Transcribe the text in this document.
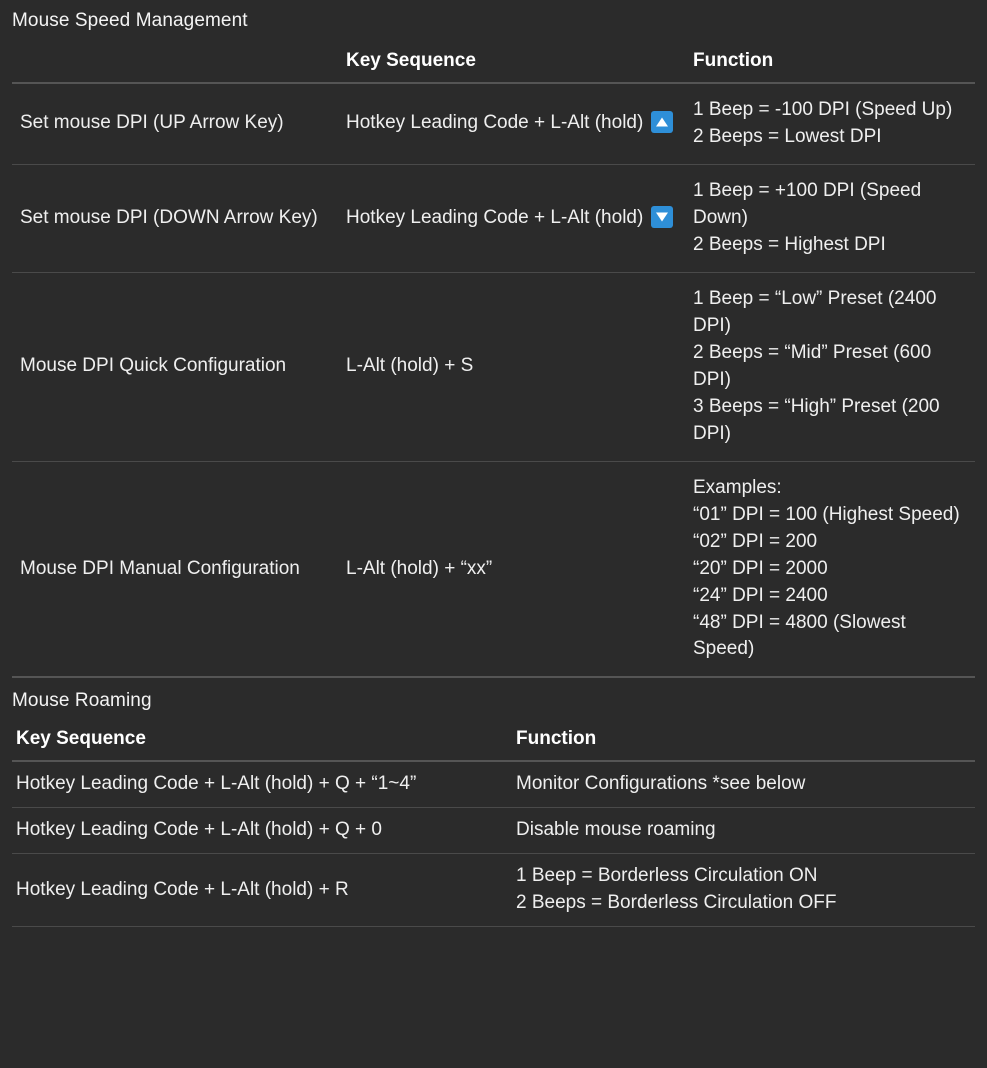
Mouse Speed Management
	Key Sequence	Function
Set mouse DPI (UP Arrow Key)	Hotkey Leading Code + L-Alt (hold)	1 Beep = -100 DPI (Speed Up)
2 Beeps = Lowest DPI

Set mouse DPI (DOWN Arrow Key)	Hotkey Leading Code + L-Alt (hold)	1 Beep = +100 DPI (Speed Down)
2 Beeps = Highest DPI

Mouse DPI Quick Configuration	L-Alt (hold) + S	1 Beep = “Low” Preset (2400 DPI)
2 Beeps = “Mid” Preset (600 DPI)
3 Beeps = “High” Preset (200 DPI)

Mouse DPI Manual Configuration	L-Alt (hold) + “xx”	
Examples:
“01” DPI = 100 (Highest Speed)
“02” DPI = 200
“20” DPI = 2000
“24” DPI = 2400
“48” DPI = 4800 (Slowest Speed)
Mouse Roaming
Key Sequence	Function
Hotkey Leading Code + L-Alt (hold) + Q + “1~4”	Monitor Configurations *see below
Hotkey Leading Code + L-Alt (hold) + Q + 0	Disable mouse roaming
Hotkey Leading Code + L-Alt (hold) + R	1 Beep = Borderless Circulation ON
2 Beeps = Borderless Circulation OFF
